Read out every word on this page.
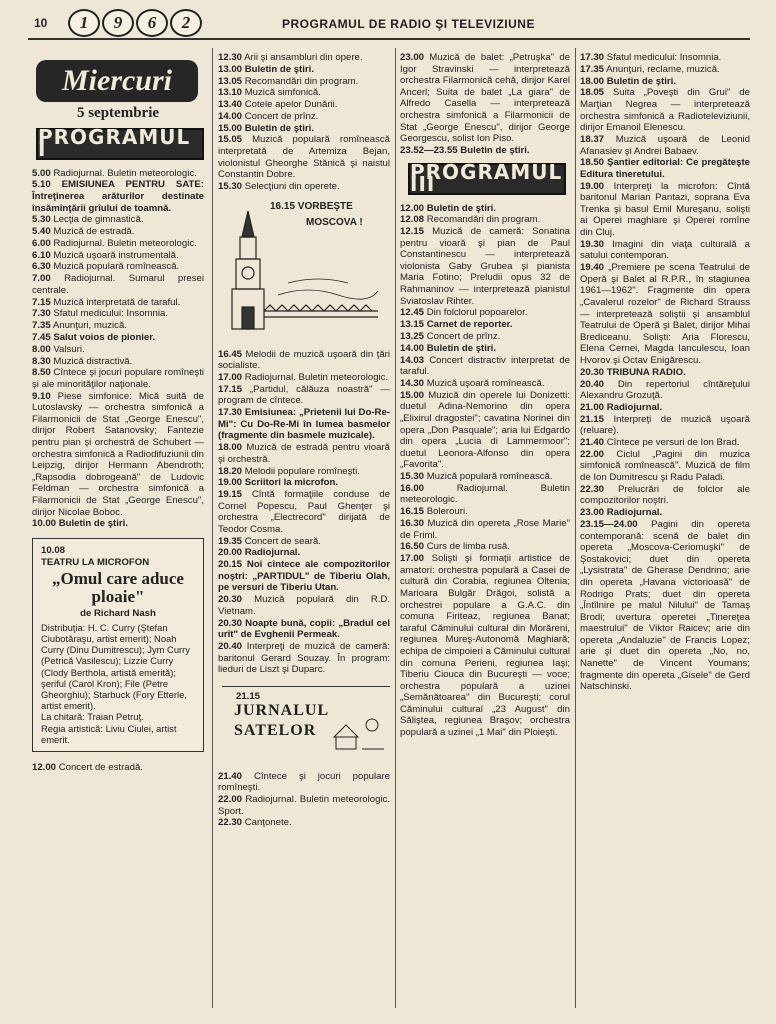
10	1	9	6	2	PROGRAMUL DE RADIO ŞI TELEVIZIUNE
Miercuri
5 septembrie
PROGRAMUL I
5.00 Radiojurnal. Buletin meteorologic.
5.10 EMISIUNEA PENTRU SATE: Întreţinerea arăturilor destinate însămînţării grîului de toamnă.
5.30 Lecţia de gimnastică.
5.40 Muzică de estradă.
6.00 Radiojurnal. Buletin meteorologic.
6.10 Muzică uşoară instrumentală.
6.30 Muzică populară romînească.
7.00 Radiojurnal. Sumarul presei centrale.
7.15 Muzică interpretată de taraful.
7.30 Sfatul medicului: Insomnia.
7.35 Anunţuri, muzică.
7.45 Salut voios de pionier.
8.00 Valsuri.
8.30 Muzică distractivă.
8.50 Cîntece şi jocuri populare romîneşti şi ale minorităţilor naţionale.
9.10 Piese simfonice: Mică suită de Lutoslavsky — orchestra simfonică a Filarmonicii de Stat „George Enescu", dirijor Robert Satanovsky; Fantezie pentru pian şi orchestră de Schubert — orchestra simfonică a Radiodifuziunii din Leipzig, dirijor Hermann Abendroth; „Rapsodia dobrogeană" de Ludovic Feldman — orchestra simfonică a Filarmonicii de Stat „George Enescu", dirijor Nicolae Boboc.
10.00 Buletin de ştiri.
10.08
TEATRU LA MICROFON
„Omul care aduce ploaie"
de Richard Nash
Distribuţia: H. C. Curry (Ştefan Ciubotăraşu, artist emerit); Noah Curry (Dinu Dumitrescu); Jym Curry (Petrică Vasilescu); Lizzie Curry (Clody Bertholа, artistă emerită); şeriful (Carol Kron); File (Petre Gheorghiu); Starbuck (Fory Etterle, artist emerit).
La chitară: Traian Petruţ.
Regia artistică: Liviu Ciulei, artist emerit.
12.00 Concert de estradă.
12.30 Arii şi ansambluri din opere.
13.00 Buletin de ştiri.
13.05 Recomandări din program.
13.10 Muzică simfonică.
13.40 Cotele apelor Dunării.
14.00 Concert de prînz.
15.00 Buletin de ştiri.
15.05 Muzică populară romînească interpretată de Artemiza Bejan, violonistul Gheorghe Stănică şi naistul Constantin Dobre.
15.30 Selecţiuni din operete.
16.15 VORBEŞTE
MOSCOVA !
16.45 Melodii de muzică uşoară din ţări socialiste.
17.00 Radiojurnal. Buletin meteorologic.
17.15 „Partidul, călăuza noastră" — program de cîntece.
17.30 Emisiunea: „Prietenii lui Do-Re-Mi": Cu Do-Re-Mi în lumea basmelor (fragmente din basmele muzicale).
18.00 Muzică de estradă pentru vioară şi orchestră.
18.20 Melodii populare romîneşti.
19.00 Scriitori la microfon.
19.15 Cîntă formaţiile conduse de Cornel Popescu, Paul Ghenţer şi orchestra „Electrecord" dirijată de Teodor Cosma.
19.35 Concert de seară.
20.00 Radiojurnal.
20.15 Noi cîntece ale compozitorilor noştri: „PARTIDUL" de Tiberiu Olah, pe versuri de Tiberiu Utan.
20.30 Muzică populară din R.D. Vietnam.
20.30 Noapte bună, copii: „Bradul cel urît" de Evghenii Permeak.
20.40 Interpreţi de muzică de cameră: baritonul Gerard Souzay. În program: lieduri de Liszt şi Duparc.
21.15
JURNALUL
SATELOR
21.40 Cîntece şi jocuri populare romîneşti.
22.00 Radiojurnal. Buletin meteorologic. Sport.
22.30 Canţonete.
23.00 Muzică de balet: „Petruşka" de Igor Stravinski — interpretează orchestra Filarmonică cehă, dirijor Karel Ancerl; Suita de balet „La giara" de Alfredo Casella — interpretează orchestra simfonică a Filarmonicii de Stat „George Enescu", dirijor George Georgescu, solist Ion Piso.
23.52—23.55 Buletin de ştiri.
PROGRAMUL III
12.00 Buletin de ştiri.
12.08 Recomandări din program.
12.15 Muzică de cameră: Sonatina pentru vioară şi pian de Paul Constantinescu — interpretează violonista Gaby Grubea şi pianista Maria Fotino; Preludii opus 32 de Rahmaninov — interpretează pianistul Sviatoslav Rihter.
12.45 Din folclorul popoarelor.
13.15 Carnet de reporter.
13.25 Concert de prînz.
14.00 Buletin de ştiri.
14.03 Concert distractiv interpretat de taraful.
14.30 Muzică uşoară romînească.
15.00 Muzică din operele lui Donizetti: duetul Adina-Nemorino din opera „Elixirul dragostei"; cavatina Norinei din opera „Don Pasquale"; aria lui Edgardo din opera „Lucia di Lammermoor"; duetul Leonora-Alfonso din opera „Favorita".
15.30 Muzică populară romînească.
16.00	Radiojurnal. Buletin meteorologic.
16.15 Bolerouri.
16.30 Muzică din opereta „Rose Marie" de Friml.
16.50 Curs de limba rusă.
17.00 Solişti şi formaţii artistice de amatori: orchestra populară a Casei de cultură din Corabia, regiunea Oltenia; Marioara Bulgăr Drăgoi, solistă a orchestrei populare a G.A.C. din comuna Firiteaz, regiunea Banat; taraful Căminului cultural din Morăreni, regiunea Mureş-Autonomă Maghiară; echipa de cimpoieri a Căminului cultural din comuna Perieni, regiunea Iaşi; Tiberiu Ciouca din Bucureşti — voce; orchestra populară a uzinei „Semănătoarea" din Bucureşti; corul Căminului cultural „23 August" din Săliştea, regiunea Braşov; orchestra populară a uzinei „1 Mai" din Ploieşti.
17.30 Sfatul medicului: Insomnia.
17.35 Anunţuri, reclame, muzică.
18.00 Buletin de ştiri.
18.05 Suita „Poveşti din Grui" de Marţian Negrea — interpretează orchestra simfonică a Radioteleviziunii, dirijor Emanoil Elenescu.
18.37 Muzică uşoară de Leonid Afanasiev şi Andrei Babaev.
18.50 Şantier editorial: Ce pregăteşte Editura tineretului.
19.00 Interpreţi la microfon: Cîntă baritonul Marian Pantazi, soprana Eva Trenka şi basul Emil Mureşanu, solişti ai Operei maghiare şi Operei romîne din Cluj.
19.30 Imagini din viaţa culturală a satului contemporan.
19.40 „Premiere pe scena Teatrului de Operă şi Balet al R.P.R., în stagiunea 1961—1962". Fragmente din opera „Cavalerul rozelor" de Richard Strauss — interpretează soliştii şi ansamblul Teatrului de Operă şi Balet, dirijor Mihai Brediceanu. Solişti: Aria Florescu, Elena Cernei, Magda Ianculescu, Ioan Hvorov şi Octav Enigărescu.
20.30 TRIBUNA RADIO.
20.40 Din repertoriul cîntăreţului Alexandru Grozuţă.
21.00 Radiojurnal.
21.15 Interpreţi de muzică uşoară (reluare).
21.40 Cîntece pe versuri de Ion Brad.
22.00 Ciclul „Pagini din muzica simfonică romînească". Muzică de film de Ion Dumitrescu şi Radu Paladi.
22.30 Prelucrări de folclor ale compozitorilor noştri.
23.00 Radiojurnal.
23.15—24.00 Pagini din opereta contemporană: scenă de balet din opereta „Moscova-Ceriomuşki" de Şostakovici; duet din opereta „Lysistrata" de Gherase Dendrino; arie din opereta „Havana victorioasă" de Rodrigo Prats; duet din opereta „Întîlnire pe malul Nilului" de Tamaş Brodi; uvertura operetei „Tinereţea maestrului" de Viktor Raicev; arie din opereta „Andaluzie" de Francis Lopez; arie şi duet din opereta „No, no, Nanette" de Vincent Youmans; fragmente din opereta „Gisele" de Gerd Natschinski.
